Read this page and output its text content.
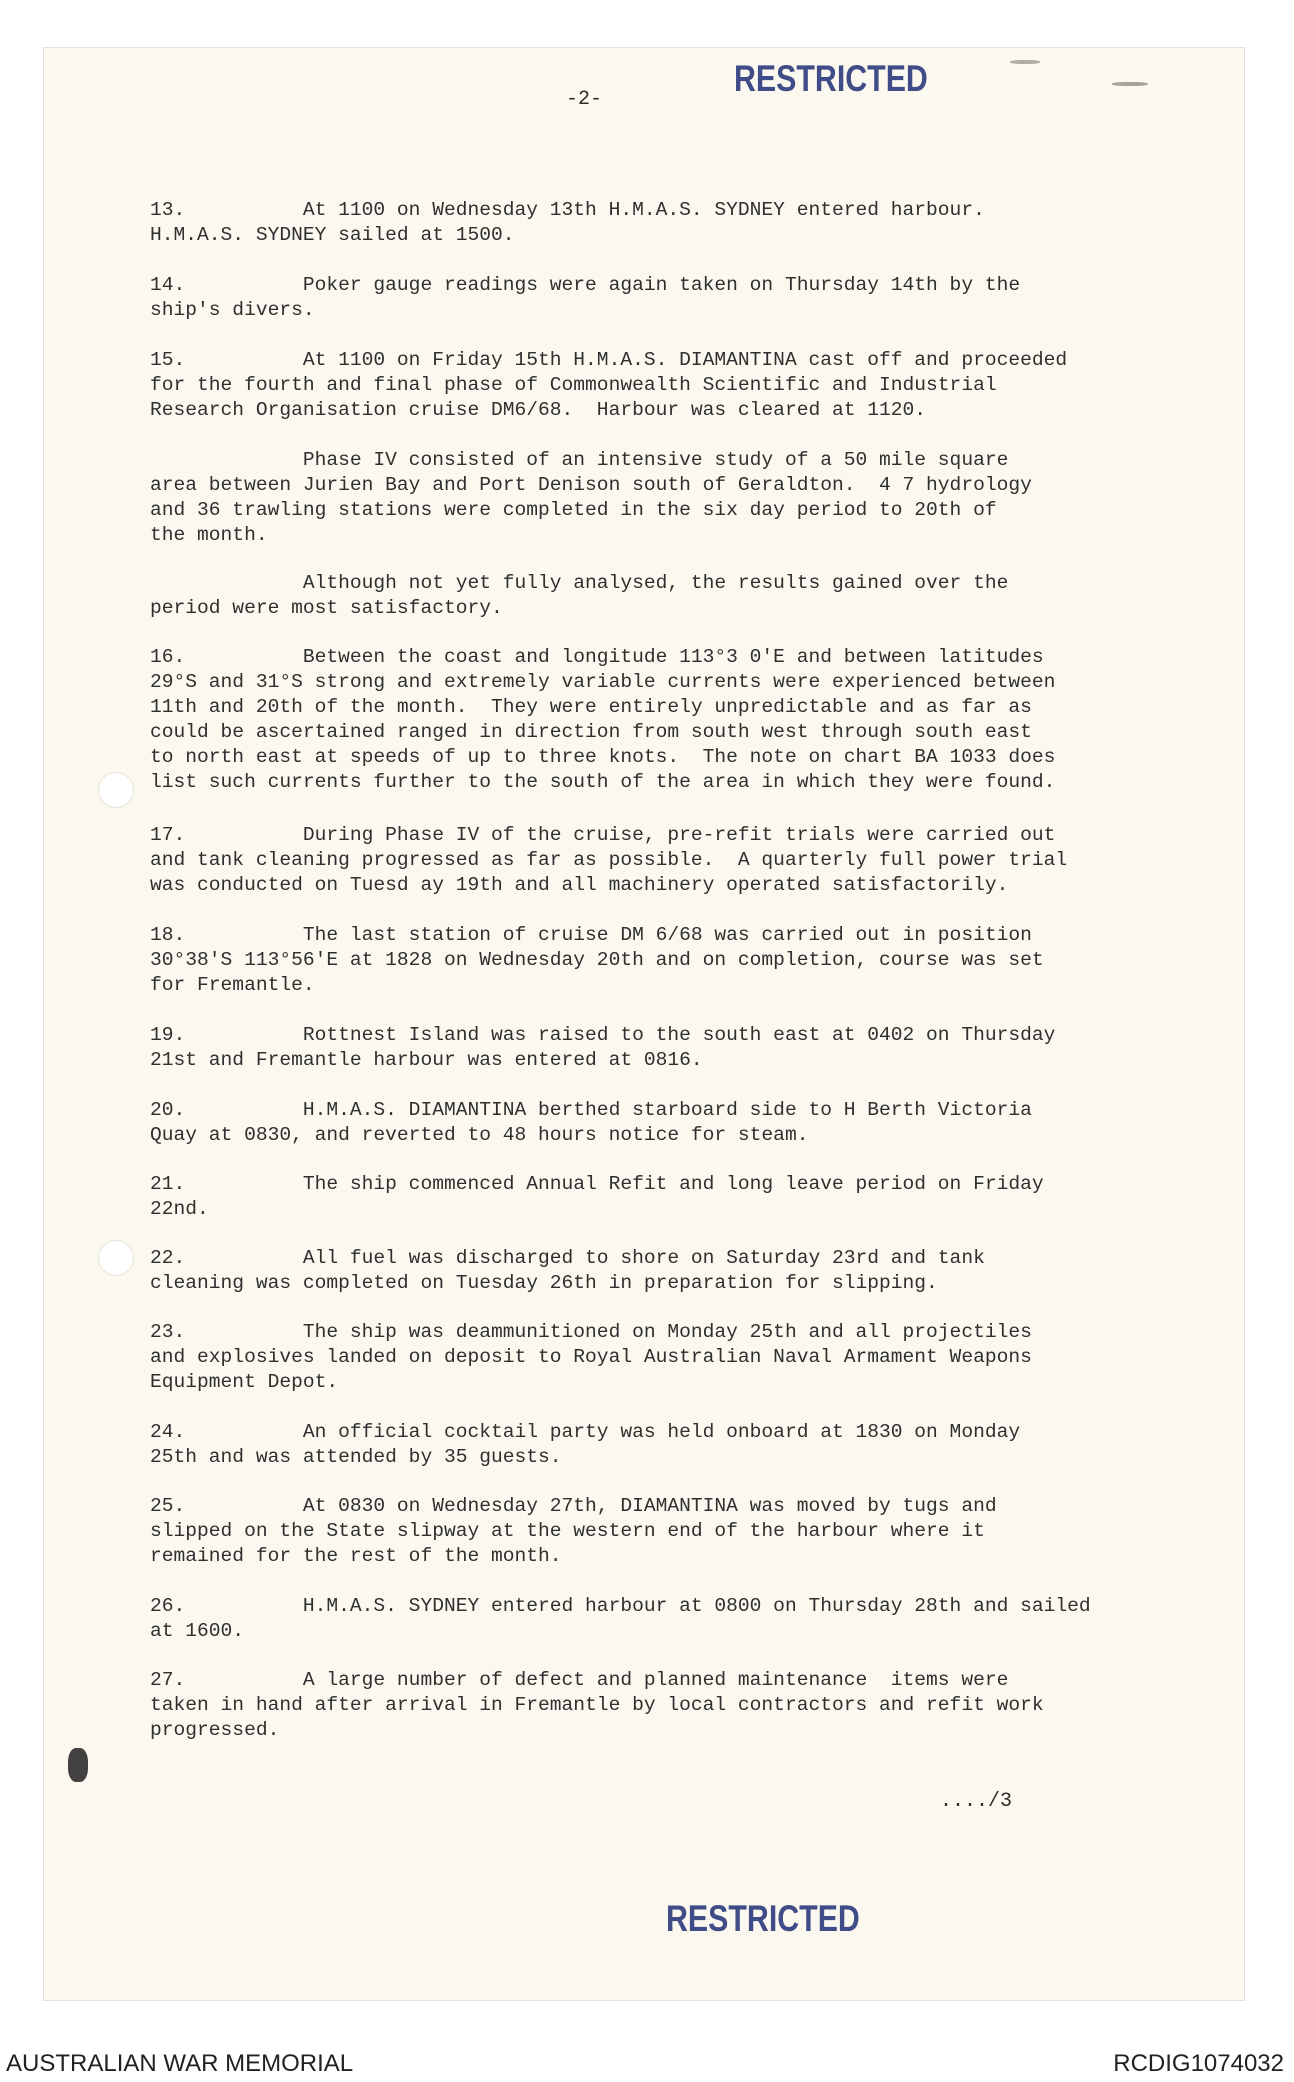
RESTRICTED
-2-
13.          At 1100 on Wednesday 13th H.M.A.S. SYDNEY entered harbour.
H.M.A.S. SYDNEY sailed at 1500.
14.          Poker gauge readings were again taken on Thursday 14th by the
ship's divers.
15.          At 1100 on Friday 15th H.M.A.S. DIAMANTINA cast off and proceeded
for the fourth and final phase of Commonwealth Scientific and Industrial
Research Organisation cruise DM6/68.  Harbour was cleared at 1120.
Phase IV consisted of an intensive study of a 50 mile square
area between Jurien Bay and Port Denison south of Geraldton.  4 7 hydrology
and 36 trawling stations were completed in the six day period to 20th of
the month.
Although not yet fully analysed, the results gained over the
period were most satisfactory.
16.          Between the coast and longitude 113°3 0'E and between latitudes
29°S and 31°S strong and extremely variable currents were experienced between
11th and 20th of the month.  They were entirely unpredictable and as far as
could be ascertained ranged in direction from south west through south east
to north east at speeds of up to three knots.  The note on chart BA 1033 does
list such currents further to the south of the area in which they were found.
17.          During Phase IV of the cruise, pre-refit trials were carried out
and tank cleaning progressed as far as possible.  A quarterly full power trial
was conducted on Tuesd ay 19th and all machinery operated satisfactorily.
18.          The last station of cruise DM 6/68 was carried out in position
30°38'S 113°56'E at 1828 on Wednesday 20th and on completion, course was set
for Fremantle.
19.          Rottnest Island was raised to the south east at 0402 on Thursday
21st and Fremantle harbour was entered at 0816.
20.          H.M.A.S. DIAMANTINA berthed starboard side to H Berth Victoria
Quay at 0830, and reverted to 48 hours notice for steam.
21.          The ship commenced Annual Refit and long leave period on Friday
22nd.
22.          All fuel was discharged to shore on Saturday 23rd and tank
cleaning was completed on Tuesday 26th in preparation for slipping.
23.          The ship was deammunitioned on Monday 25th and all projectiles
and explosives landed on deposit to Royal Australian Naval Armament Weapons
Equipment Depot.
24.          An official cocktail party was held onboard at 1830 on Monday
25th and was attended by 35 guests.
25.          At 0830 on Wednesday 27th, DIAMANTINA was moved by tugs and
slipped on the State slipway at the western end of the harbour where it
remained for the rest of the month.
26.          H.M.A.S. SYDNEY entered harbour at 0800 on Thursday 28th and sailed
at 1600.
27.          A large number of defect and planned maintenance  items were
taken in hand after arrival in Fremantle by local contractors and refit work
progressed.
..../3
RESTRICTED
AUSTRALIAN WAR MEMORIAL	RCDIG1074032
